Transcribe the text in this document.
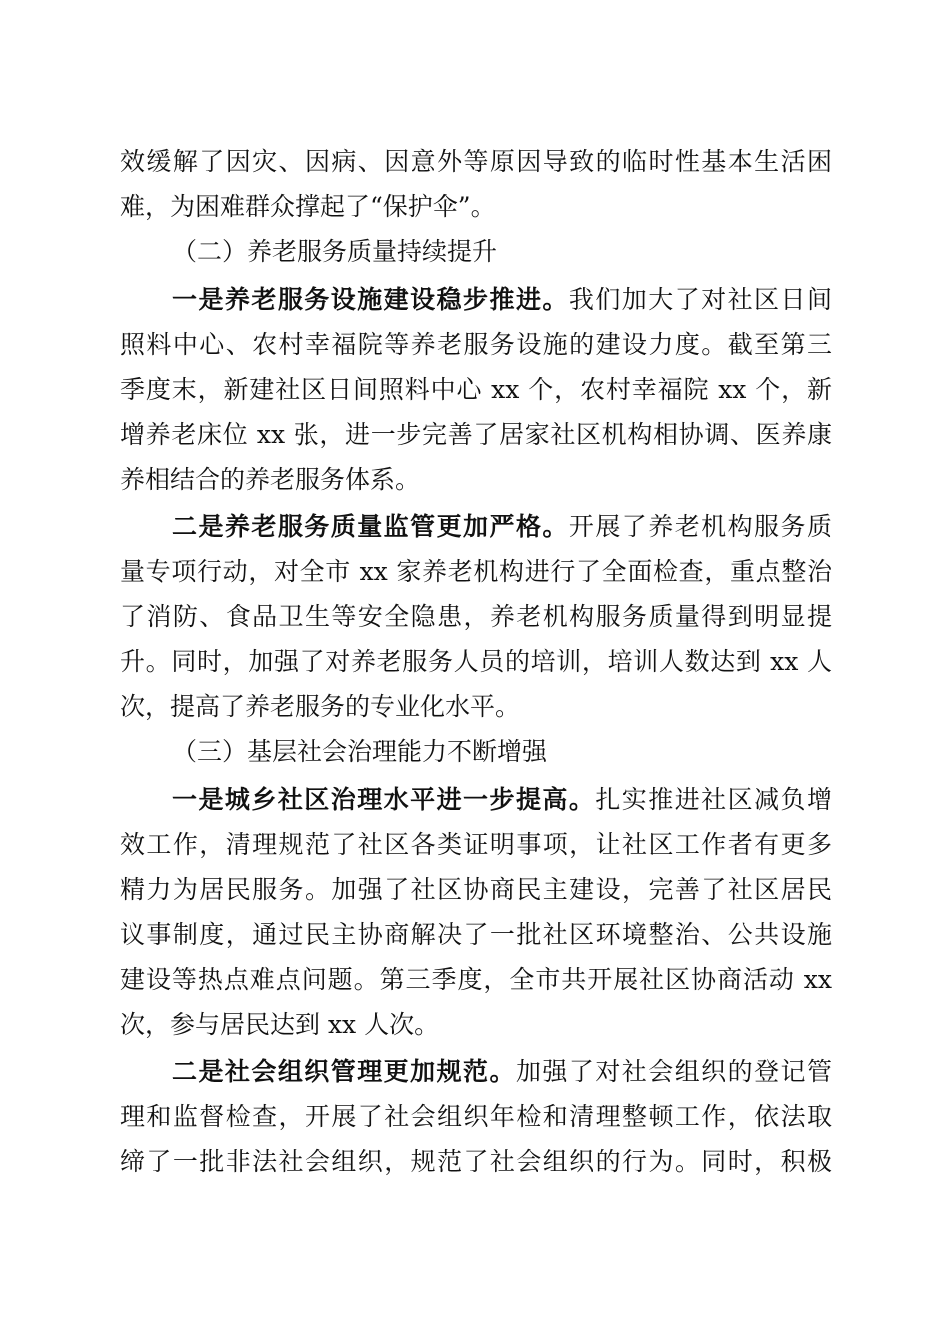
效缓解了因灾、因病、因意外等原因导致的临时性基本生活困
难，为困难群众撑起了“保护伞”。
（二）养老服务质量持续提升
一是养老服务设施建设稳步推进。我们加大了对社区日间
照料中心、农村幸福院等养老服务设施的建设力度。截至第三
季度末，新建社区日间照料中心 xx 个，农村幸福院 xx 个，新
增养老床位 xx 张，进一步完善了居家社区机构相协调、医养康
养相结合的养老服务体系。
二是养老服务质量监管更加严格。开展了养老机构服务质
量专项行动，对全市 xx 家养老机构进行了全面检查，重点整治
了消防、食品卫生等安全隐患，养老机构服务质量得到明显提
升。同时，加强了对养老服务人员的培训，培训人数达到 xx 人
次，提高了养老服务的专业化水平。
（三）基层社会治理能力不断增强
一是城乡社区治理水平进一步提高。扎实推进社区减负增
效工作，清理规范了社区各类证明事项，让社区工作者有更多
精力为居民服务。加强了社区协商民主建设，完善了社区居民
议事制度，通过民主协商解决了一批社区环境整治、公共设施
建设等热点难点问题。第三季度，全市共开展社区协商活动 xx
次，参与居民达到 xx 人次。
二是社会组织管理更加规范。加强了对社会组织的登记管
理和监督检查，开展了社会组织年检和清理整顿工作，依法取
缔了一批非法社会组织，规范了社会组织的行为。同时，积极
